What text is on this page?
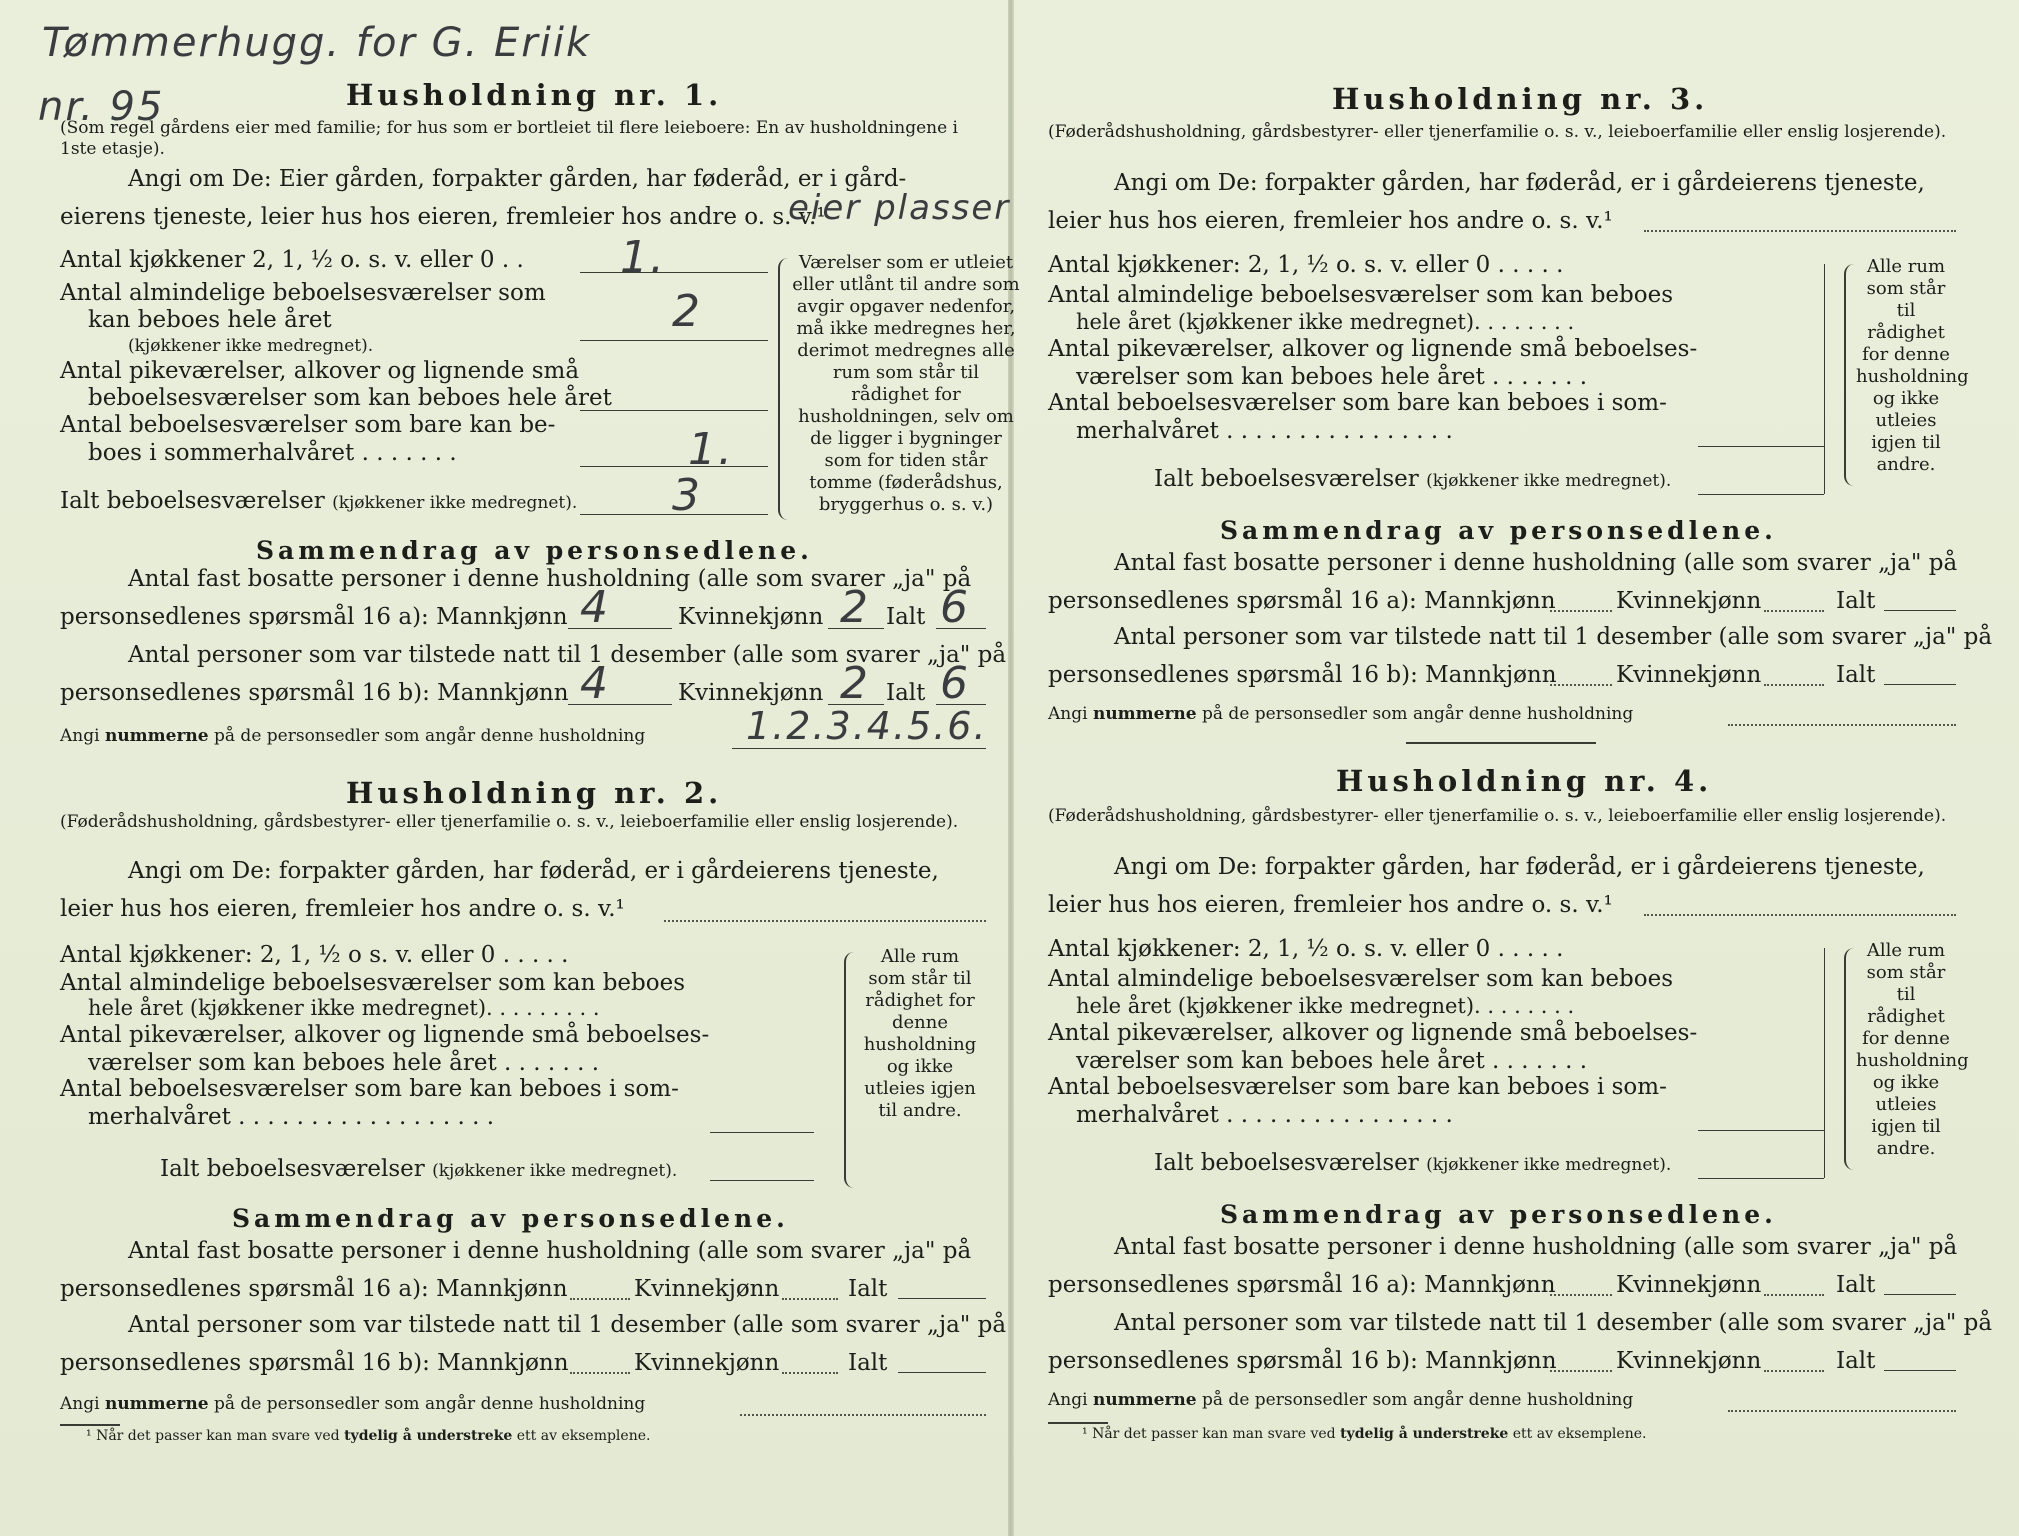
Tømmerhugg. for G. Eriik
nr. 95	Husholdning nr. 1.
(Som regel gårdens eier med familie; for hus som er bortleiet til flere leieboere: En av husholdningene i 1ste etasje).
Angi om De: Eier gården, forpakter gården, har føderåd, er i gård-
eierens tjeneste, leier hus hos eieren, fremleier hos andre o. s. v.¹
eier plasser
Antal kjøkkener 2, 1, ½ o. s. v. eller 0 . . 1.
Antal almindelige beboelsesværelser som
kan beboes hele året
(kjøkkener ikke medregnet).
2
Antal pikeværelser, alkover og lignende små
beboelsesværelser som kan beboes hele året
Antal beboelsesværelser som bare kan be-
boes i sommerhalvåret . . . . . . .	1.
Ialt beboelsesværelser (kjøkkener ikke medregnet). 3
Værelser som er utleiet eller utlånt til andre som avgir opgaver nedenfor, må ikke medregnes her, derimot medregnes alle rum som står til rådighet for husholdningen, selv om de ligger i bygninger som for tiden står tomme (føderådshus, bryggerhus o. s. v.)
Sammendrag av personsedlene.
Antal fast bosatte personer i denne husholdning (alle som svarer „ja" på
personsedlenes spørsmål 16 a): Mannkjønn 4	Kvinnekjønn 2 Ialt 6
Antal personer som var tilstede natt til 1 desember (alle som svarer „ja" på
personsedlenes spørsmål 16 b): Mannkjønn 4	Kvinnekjønn 2 Ialt 6
Angi nummerne på de personsedler som angår denne husholdning	1.2.3.4.5.6.
Husholdning nr. 2.
(Føderådshusholdning, gårdsbestyrer- eller tjenerfamilie o. s. v., leieboerfamilie eller enslig losjerende).
Angi om De: forpakter gården, har føderåd, er i gårdeierens tjeneste,
leier hus hos eieren, fremleier hos andre o. s. v.¹
Antal kjøkkener: 2, 1, ½ o s. v. eller 0 . . . . .
Antal almindelige beboelsesværelser som kan beboes
hele året (kjøkkener ikke medregnet). . . . . . . . .
Antal pikeværelser, alkover og lignende små beboelses-
værelser som kan beboes hele året . . . . . . .
Antal beboelsesværelser som bare kan beboes i som-
merhalvåret . . . . . . . . . . . . . . . . . .
Ialt beboelsesværelser (kjøkkener ikke medregnet).
Alle rum som står til rådighet for denne husholdning og ikke utleies igjen til andre.
Sammendrag av personsedlene.
Antal fast bosatte personer i denne husholdning (alle som svarer „ja" på
personsedlenes spørsmål 16 a): Mannkjønn	Kvinnekjønn	Ialt
Antal personer som var tilstede natt til 1 desember (alle som svarer „ja" på
personsedlenes spørsmål 16 b): Mannkjønn	Kvinnekjønn	Ialt
Angi nummerne på de personsedler som angår denne husholdning
¹ Når det passer kan man svare ved tydelig å understreke ett av eksemplene.
Husholdning nr. 3.
(Føderådshusholdning, gårdsbestyrer- eller tjenerfamilie o. s. v., leieboerfamilie eller enslig losjerende).
Angi om De: forpakter gården, har føderåd, er i gårdeierens tjeneste,
leier hus hos eieren, fremleier hos andre o. s. v.¹
Antal kjøkkener: 2, 1, ½ o. s. v. eller 0 . . . . .
Antal almindelige beboelsesværelser som kan beboes
hele året (kjøkkener ikke medregnet). . . . . . . .
Antal pikeværelser, alkover og lignende små beboelses-
værelser som kan beboes hele året . . . . . . .
Antal beboelsesværelser som bare kan beboes i som-
merhalvåret . . . . . . . . . . . . . . . .
Ialt beboelsesværelser (kjøkkener ikke medregnet).
Alle rum som står til rådighet for denne husholdning og ikke utleies igjen til andre.
Sammendrag av personsedlene.
Antal fast bosatte personer i denne husholdning (alle som svarer „ja" på
personsedlenes spørsmål 16 a): Mannkjønn	Kvinnekjønn	Ialt
Antal personer som var tilstede natt til 1 desember (alle som svarer „ja" på
personsedlenes spørsmål 16 b): Mannkjønn	Kvinnekjønn	Ialt
Angi nummerne på de personsedler som angår denne husholdning
Husholdning nr. 4.
(Føderådshusholdning, gårdsbestyrer- eller tjenerfamilie o. s. v., leieboerfamilie eller enslig losjerende).
Angi om De: forpakter gården, har føderåd, er i gårdeierens tjeneste,
leier hus hos eieren, fremleier hos andre o. s. v.¹
Antal kjøkkener: 2, 1, ½ o. s. v. eller 0 . . . . .
Antal almindelige beboelsesværelser som kan beboes
hele året (kjøkkener ikke medregnet). . . . . . . .
Antal pikeværelser, alkover og lignende små beboelses-
værelser som kan beboes hele året . . . . . . .
Antal beboelsesværelser som bare kan beboes i som-
merhalvåret . . . . . . . . . . . . . . . .
Ialt beboelsesværelser (kjøkkener ikke medregnet).
Alle rum som står til rådighet for denne husholdning og ikke utleies igjen til andre.
Sammendrag av personsedlene.
Antal fast bosatte personer i denne husholdning (alle som svarer „ja" på
personsedlenes spørsmål 16 a): Mannkjønn	Kvinnekjønn	Ialt
Antal personer som var tilstede natt til 1 desember (alle som svarer „ja" på
personsedlenes spørsmål 16 b): Mannkjønn	Kvinnekjønn	Ialt
Angi nummerne på de personsedler som angår denne husholdning
¹ Når det passer kan man svare ved tydelig å understreke ett av eksemplene.
